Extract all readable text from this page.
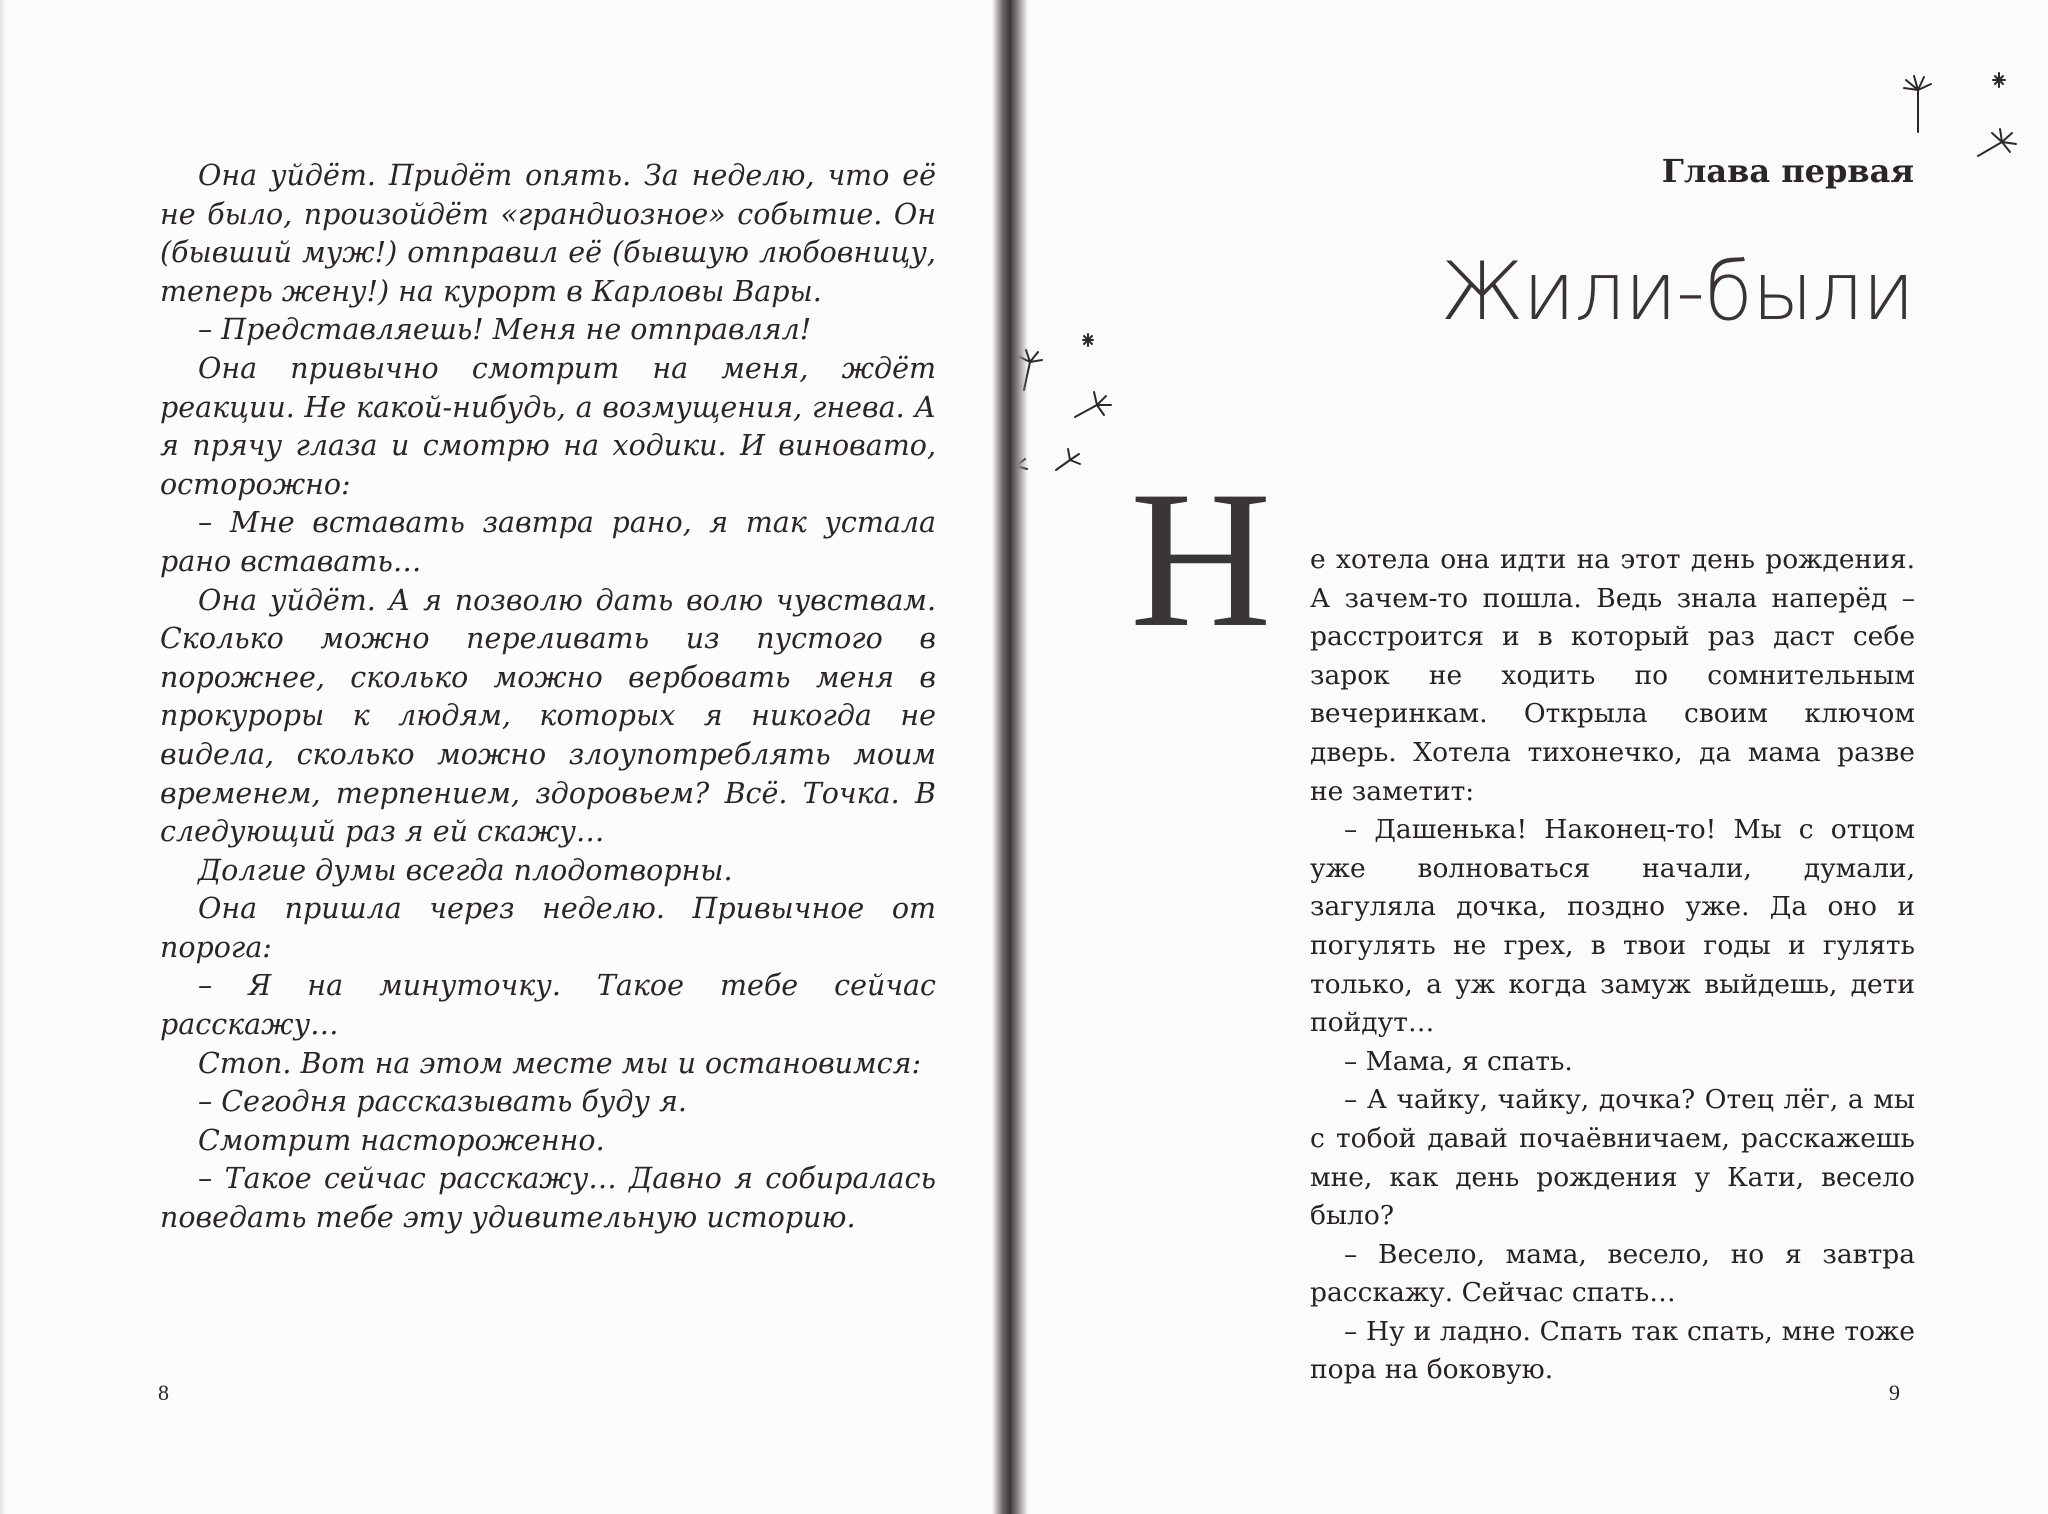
Она уйдёт. Придёт опять. За неделю, что её не было, произойдёт «грандиозное» событие. Он (бывший муж!) отправил её (бывшую любовницу, теперь жену!) на курорт в Карловы Вары.

– Представляешь! Меня не отправлял!

Она привычно смотрит на меня, ждёт реакции. Не какой-нибудь, а возмущения, гнева. А я прячу глаза и смотрю на ходики. И виновато, осторожно:

– Мне вставать завтра рано, я так устала рано вставать…

Она уйдёт. А я позволю дать волю чувствам. Сколько можно переливать из пустого в порожнее, сколько можно вербовать меня в прокуроры к людям, которых я никогда не видела, сколько можно злоупотреблять моим временем, терпением, здоровьем? Всё. Точка. В следующий раз я ей скажу…

Долгие думы всегда плодотворны.

Она пришла через неделю. Привычное от порога:

– Я на минуточку. Такое тебе сейчас расскажу…

Стоп. Вот на этом месте мы и остановимся:

– Сегодня рассказывать буду я.

Смотрит настороженно.

– Такое сейчас расскажу… Давно я собиралась поведать тебе эту удивительную историю.

8
Глава первая
Жили-были
Н е хотела она идти на этот день рождения. А зачем-то пошла. Ведь знала наперёд – расстроится и в который раз даст себе зарок не ходить по сомнительным вечеринкам. Открыла своим ключом дверь. Хотела тихонечко, да мама разве не заметит:

– Дашенька! Наконец-то! Мы с отцом уже волноваться начали, думали, загуляла дочка, поздно уже. Да оно и погулять не грех, в твои годы и гулять только, а уж когда замуж выйдешь, дети пойдут…

– Мама, я спать.

– А чайку, чайку, дочка? Отец лёг, а мы с тобой давай почаёвничаем, расскажешь мне, как день рождения у Кати, весело было?

– Весело, мама, весело, но я завтра расскажу. Сейчас спать…

– Ну и ладно. Спать так спать, мне тоже пора на боковую.

9
